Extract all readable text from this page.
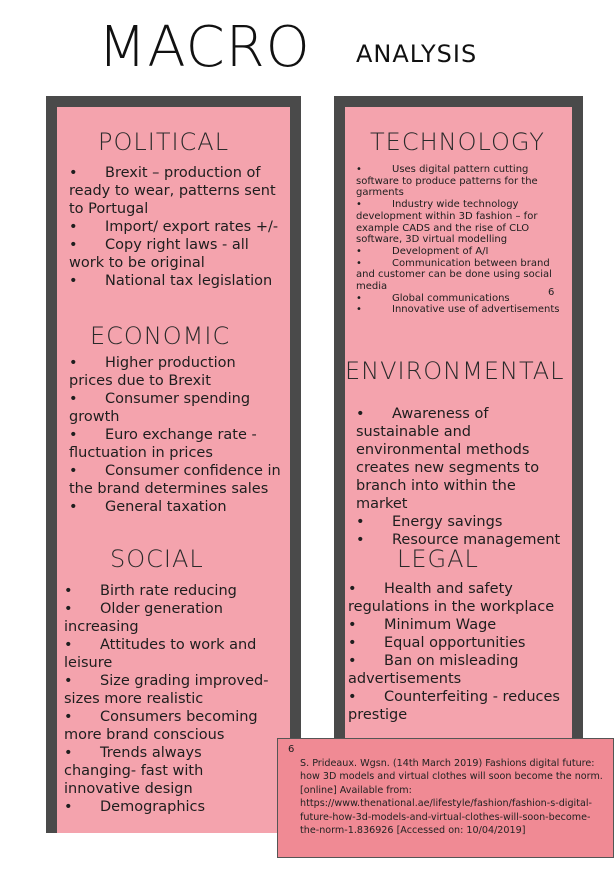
MACRO ANALYSIS
POLITICAL
• Brexit – production of ready to wear, patterns sent to Portugal
• Import/ export rates +/-
• Copy right laws - all work to be original
• National tax legislation
ECONOMIC
• Higher production prices due to Brexit
• Consumer spending growth
• Euro exchange rate - fluctuation in prices
• Consumer confidence in the brand determines sales
• General taxation
SOCIAL
• Birth rate reducing
• Older generation increasing
• Attitudes to work and leisure
• Size grading improved-sizes more realistic
• Consumers becoming more brand conscious
• Trends always changing- fast with innovative design
• Demographics
TECHNOLOGY
•	Uses digital pattern cutting software to produce patterns for the garments
•	Industry wide technology development within 3D fashion – for example CADS and the rise of CLO software, 3D virtual modelling
•	Development of A/I
•	Communication between brand and customer can be done using social media
•	Global communications
•	Innovative use of advertisements
6
ENVIRONMENTAL
• Awareness of sustainable and environmental methods creates new segments to branch into within the market
• Energy savings
• Resource management
LEGAL
• Health and safety regulations in the workplace
• Minimum Wage
• Equal opportunities
• Ban on misleading advertisements
• Counterfeiting - reduces prestige
6
S. Prideaux. Wgsn. (14th March 2019) Fashions digital future: how 3D models and virtual clothes will soon become the norm. [online] Available from: https://www.thenational.ae/lifestyle/fashion/fashion-s-digital-future-how-3d-models-and-virtual-clothes-will-soon-become-the-norm-1.836926 [Accessed on: 10/04/2019]
